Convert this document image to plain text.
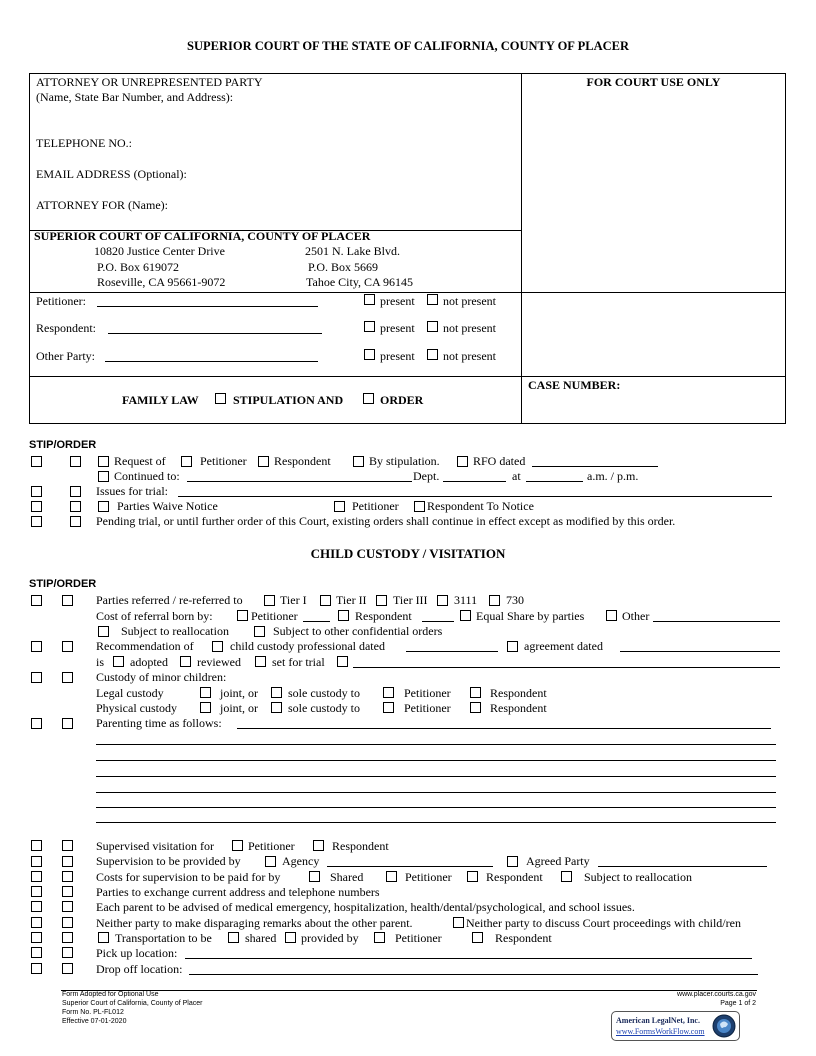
SUPERIOR COURT OF THE STATE OF CALIFORNIA, COUNTY OF PLACER
ATTORNEY OR UNREPRESENTED PARTY
(Name, State Bar Number, and Address):
TELEPHONE NO.:
EMAIL ADDRESS (Optional):
ATTORNEY FOR (Name):
FOR COURT USE ONLY
SUPERIOR COURT OF CALIFORNIA, COUNTY OF PLACER
10820 Justice Center Drive
P.O. Box 619072
Roseville, CA 95661-9072
2501 N. Lake Blvd.
P.O. Box 5669
Tahoe City, CA 96145
Petitioner:	present not present
Respondent:	present not present
Other Party:	present not present
FAMILY LAW	STIPULATION AND	ORDER
CASE NUMBER:
STIP/ORDER
Request of	Petitioner Respondent	By stipulation.	RFO dated
Continued to:	Dept.	at	a.m. / p.m.
Issues for trial:
Parties Waive Notice	Petitioner Respondent To Notice
Pending trial, or until further order of this Court, existing orders shall continue in effect except as modified by this order.
CHILD CUSTODY / VISITATION
STIP/ORDER
Parties referred / re-referred to	Tier I Tier II Tier III 3111 730
Cost of referral born by:	Petitioner	Respondent	Equal Share by parties	Other
Subject to reallocation	Subject to other confidential orders
Recommendation of	child custody professional dated	agreement dated
is adopted reviewed	set for trial
Custody of minor children:
Legal custody	joint, or	sole custody to	Petitioner	Respondent
Physical custody	joint, or	sole custody to	Petitioner	Respondent
Parenting time as follows:
Supervised visitation for	Petitioner	Respondent
Supervision to be provided by	Agency	Agreed Party
Costs for supervision to be paid for by	Shared	Petitioner	Respondent	Subject to reallocation
Parties to exchange current address and telephone numbers
Each parent to be advised of medical emergency, hospitalization, health/dental/psychological, and school issues.
Neither party to make disparaging remarks about the other parent.	Neither party to discuss Court proceedings with child/ren
Transportation to be	shared provided by	Petitioner	Respondent
Pick up location:
Drop off location:
Form Adopted for Optional Use
Superior Court of California, County of Placer
Form No. PL-FL012
Effective 07-01-2020
www.placer.courts.ca.gov
Page 1 of 2
American LegalNet, Inc.
www.FormsWorkFlow.com
